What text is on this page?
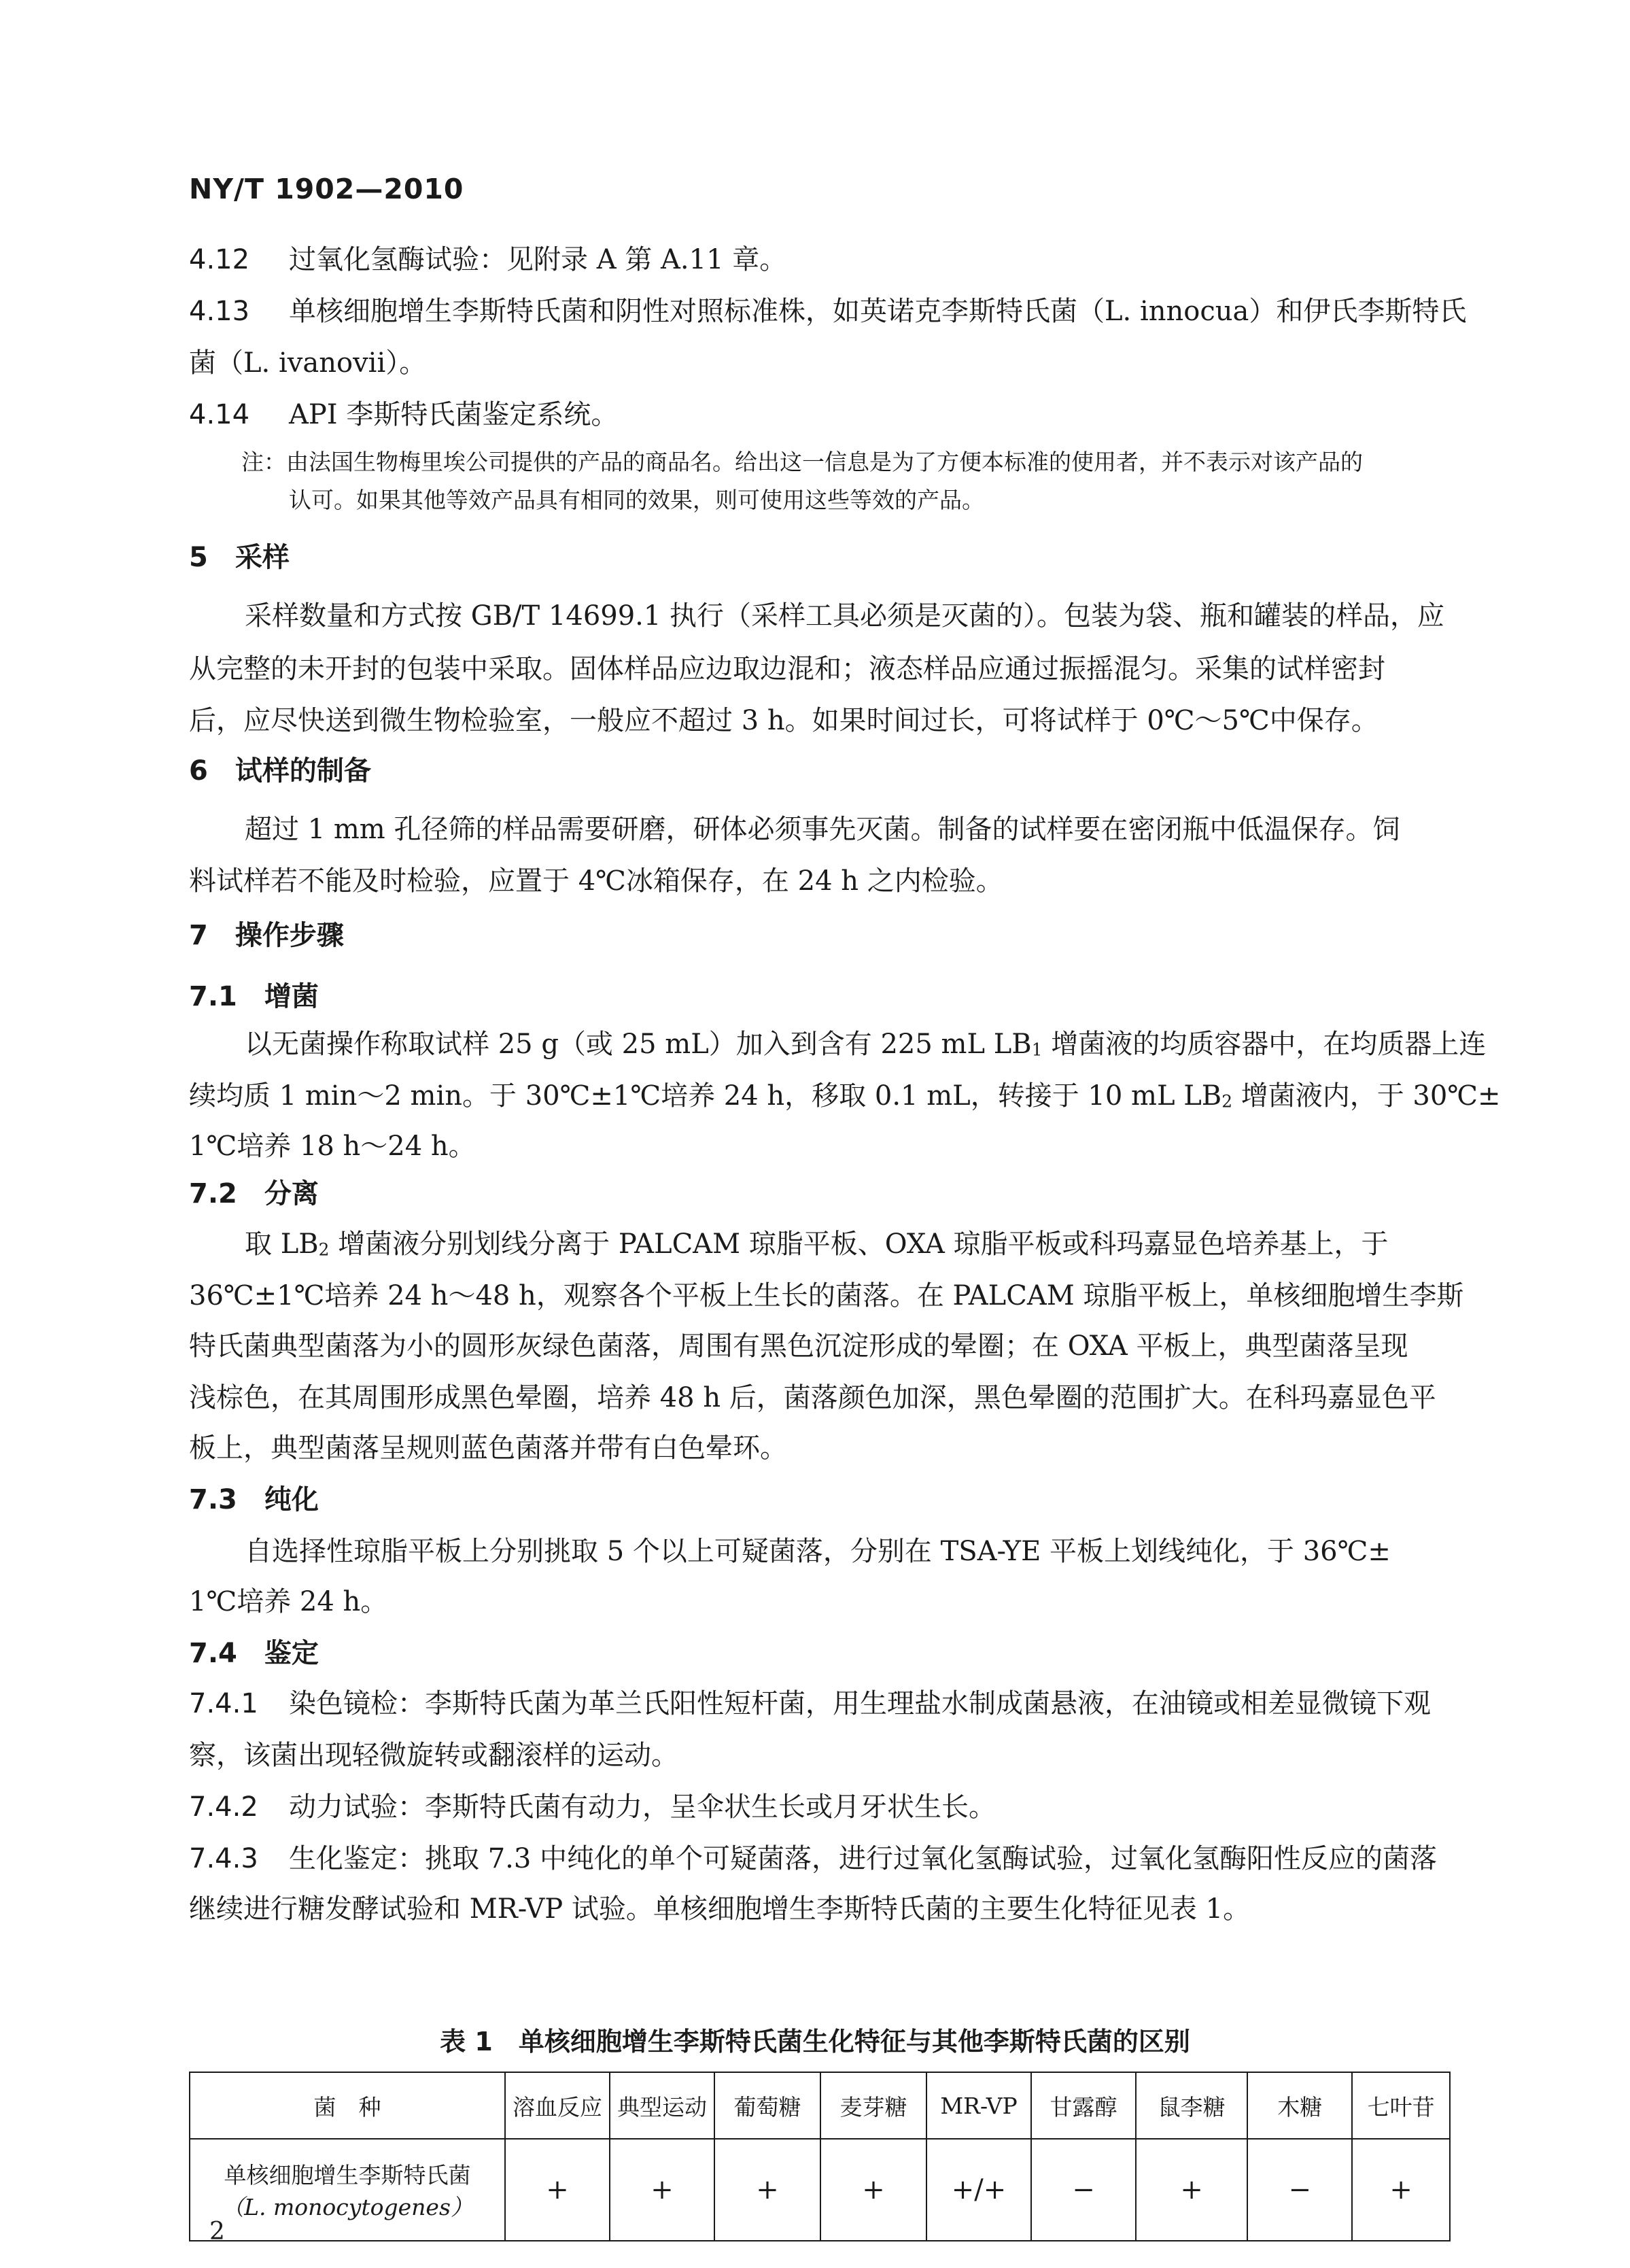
NY/T 1902—2010
4.12 过氧化氢酶试验：见附录 A 第 A.11 章。
4.13 单核细胞增生李斯特氏菌和阴性对照标准株，如英诺克李斯特氏菌（L. innocua）和伊氏李斯特氏
菌（L. ivanovii）。
4.14 API 李斯特氏菌鉴定系统。
注：由法国生物梅里埃公司提供的产品的商品名。给出这一信息是为了方便本标准的使用者，并不表示对该产品的
认可。如果其他等效产品具有相同的效果，则可使用这些等效的产品。
5　采样
采样数量和方式按 GB/T 14699.1 执行（采样工具必须是灭菌的）。包装为袋、瓶和罐装的样品，应
从完整的未开封的包装中采取。固体样品应边取边混和；液态样品应通过振摇混匀。采集的试样密封
后，应尽快送到微生物检验室，一般应不超过 3 h。如果时间过长，可将试样于 0℃～5℃中保存。
6　试样的制备
超过 1 mm 孔径筛的样品需要研磨，研体必须事先灭菌。制备的试样要在密闭瓶中低温保存。饲
料试样若不能及时检验，应置于 4℃冰箱保存，在 24 h 之内检验。
7　操作步骤
7.1　增菌
以无菌操作称取试样 25 g（或 25 mL）加入到含有 225 mL LB1 增菌液的均质容器中，在均质器上连
续均质 1 min～2 min。于 30℃±1℃培养 24 h，移取 0.1 mL，转接于 10 mL LB2 增菌液内，于 30℃±
1℃培养 18 h～24 h。
7.2　分离
取 LB2 增菌液分别划线分离于 PALCAM 琼脂平板、OXA 琼脂平板或科玛嘉显色培养基上，于
36℃±1℃培养 24 h～48 h，观察各个平板上生长的菌落。在 PALCAM 琼脂平板上，单核细胞增生李斯
特氏菌典型菌落为小的圆形灰绿色菌落，周围有黑色沉淀形成的晕圈；在 OXA 平板上，典型菌落呈现
浅棕色，在其周围形成黑色晕圈，培养 48 h 后，菌落颜色加深，黑色晕圈的范围扩大。在科玛嘉显色平
板上，典型菌落呈规则蓝色菌落并带有白色晕环。
7.3　纯化
自选择性琼脂平板上分别挑取 5 个以上可疑菌落，分别在 TSA-YE 平板上划线纯化，于 36℃±
1℃培养 24 h。
7.4　鉴定
7.4.1 染色镜检：李斯特氏菌为革兰氏阳性短杆菌，用生理盐水制成菌悬液，在油镜或相差显微镜下观
察，该菌出现轻微旋转或翻滚样的运动。
7.4.2 动力试验：李斯特氏菌有动力，呈伞状生长或月牙状生长。
7.4.3 生化鉴定：挑取 7.3 中纯化的单个可疑菌落，进行过氧化氢酶试验，过氧化氢酶阳性反应的菌落
继续进行糖发酵试验和 MR-VP 试验。单核细胞增生李斯特氏菌的主要生化特征见表 1。
表 1　单核细胞增生李斯特氏菌生化特征与其他李斯特氏菌的区别
菌　种	溶血反应	典型运动	葡萄糖	麦芽糖	MR-VP	甘露醇	鼠李糖	木糖	七叶苷

单核细胞增生李斯特氏菌
（L. monocytogenes）	+	+	+	+	+/+	−	+	−	+
2
